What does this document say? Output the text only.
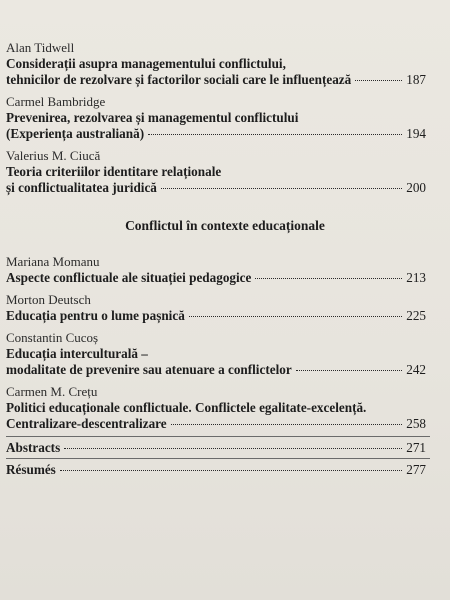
Alan Tidwell
Considerații asupra managementului conflictului,
tehnicilor de rezolvare și factorilor sociali care le influențează	187
Carmel Bambridge
Prevenirea, rezolvarea și managementul conflictului
(Experiența australiană)	194
Valerius M. Ciucă
Teoria criteriilor identitare relaționale
și conflictualitatea juridică	200
Conflictul în contexte educaționale
Mariana Momanu
Aspecte conflictuale ale situației pedagogice	213
Morton Deutsch
Educația pentru o lume pașnică	225
Constantin Cucoș
Educația interculturală –
modalitate de prevenire sau atenuare a conflictelor	242
Carmen M. Crețu
Politici educaționale conflictuale. Conflictele egalitate-excelență.
Centralizare-descentralizare	258
Abstracts	271
Résumés	277
